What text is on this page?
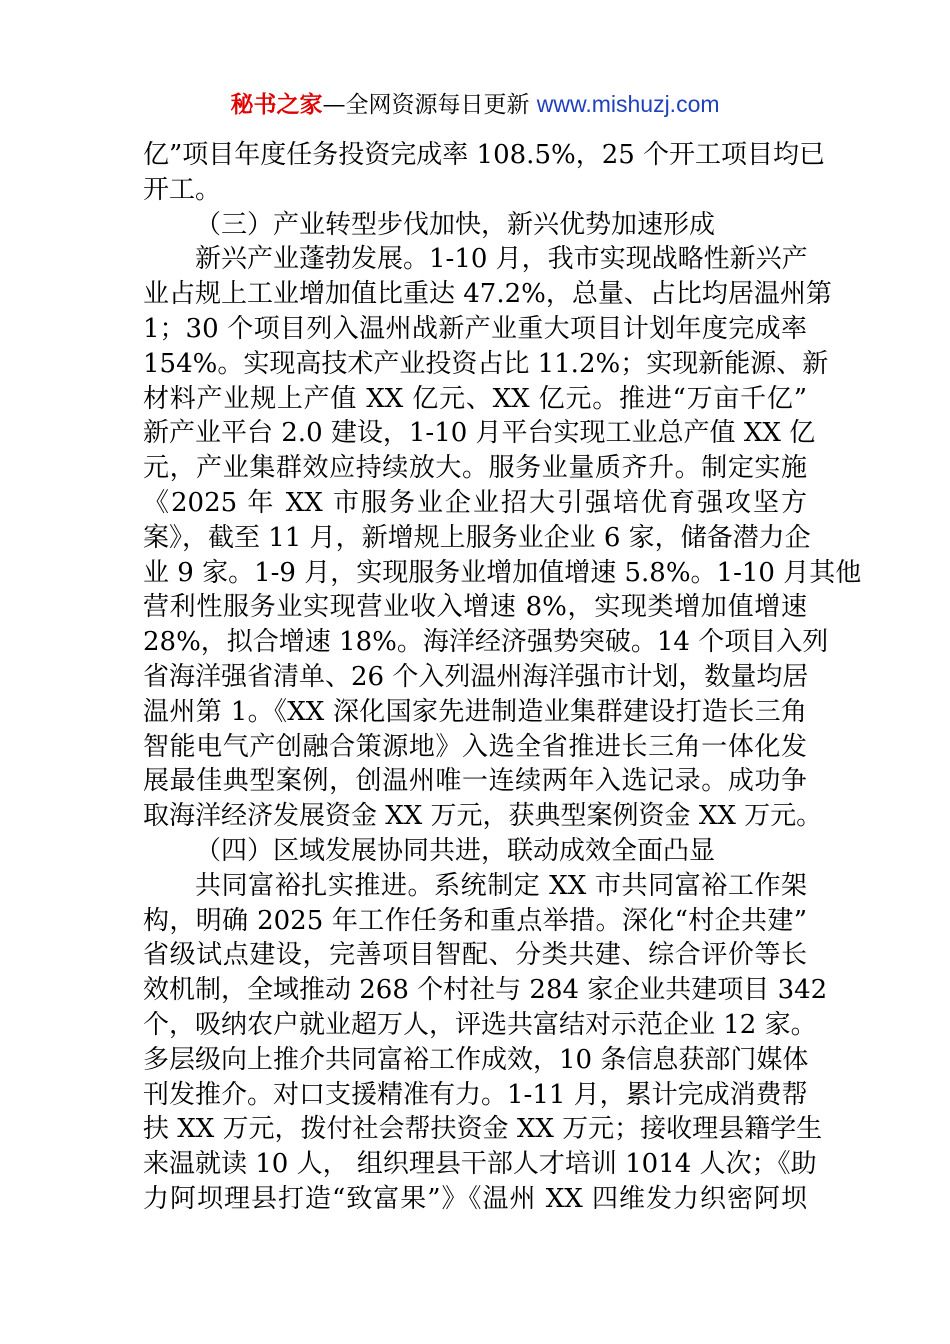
秘书之家—全网资源每日更新 www.mishuzj.com
亿”项目年度任务投资完成率 108.5%，25 个开工项目均已
开工。
（三）产业转型步伐加快，新兴优势加速形成
新兴产业蓬勃发展。1-10 月，我市实现战略性新兴产
业占规上工业增加值比重达 47.2%，总量、占比均居温州第
1；30 个项目列入温州战新产业重大项目计划年度完成率
154%。实现高技术产业投资占比 11.2%；实现新能源、新
材料产业规上产值 XX 亿元、XX 亿元。推进“万亩千亿”
新产业平台 2.0 建设，1-10 月平台实现工业总产值 XX 亿
元，产业集群效应持续放大。服务业量质齐升。制定实施
《2025 年 XX 市服务业企业招大引强培优育强攻坚方
案》，截至 11 月，新增规上服务业企业 6 家，储备潜力企
业 9 家。1-9 月，实现服务业增加值增速 5.8%。1-10 月其他
营利性服务业实现营业收入增速 8%，实现类增加值增速
28%，拟合增速 18%。海洋经济强势突破。14 个项目入列
省海洋强省清单、26 个入列温州海洋强市计划，数量均居
温州第 1。《XX 深化国家先进制造业集群建设打造长三角
智能电气产创融合策源地》入选全省推进长三角一体化发
展最佳典型案例，创温州唯一连续两年入选记录。成功争
取海洋经济发展资金 XX 万元，获典型案例资金 XX 万元。
（四）区域发展协同共进，联动成效全面凸显
共同富裕扎实推进。系统制定 XX 市共同富裕工作架
构，明确 2025 年工作任务和重点举措。深化“村企共建”
省级试点建设，完善项目智配、分类共建、综合评价等长
效机制，全域推动 268 个村社与 284 家企业共建项目 342
个，吸纳农户就业超万人，评选共富结对示范企业 12 家。
多层级向上推介共同富裕工作成效，10 条信息获部门媒体
刊发推介。对口支援精准有力。1-11 月，累计完成消费帮
扶 XX 万元，拨付社会帮扶资金 XX 万元；接收理县籍学生
来温就读 10 人， 组织理县干部人才培训 1014 人次；《助
力阿坝理县打造“致富果”》《温州 XX 四维发力织密阿坝
